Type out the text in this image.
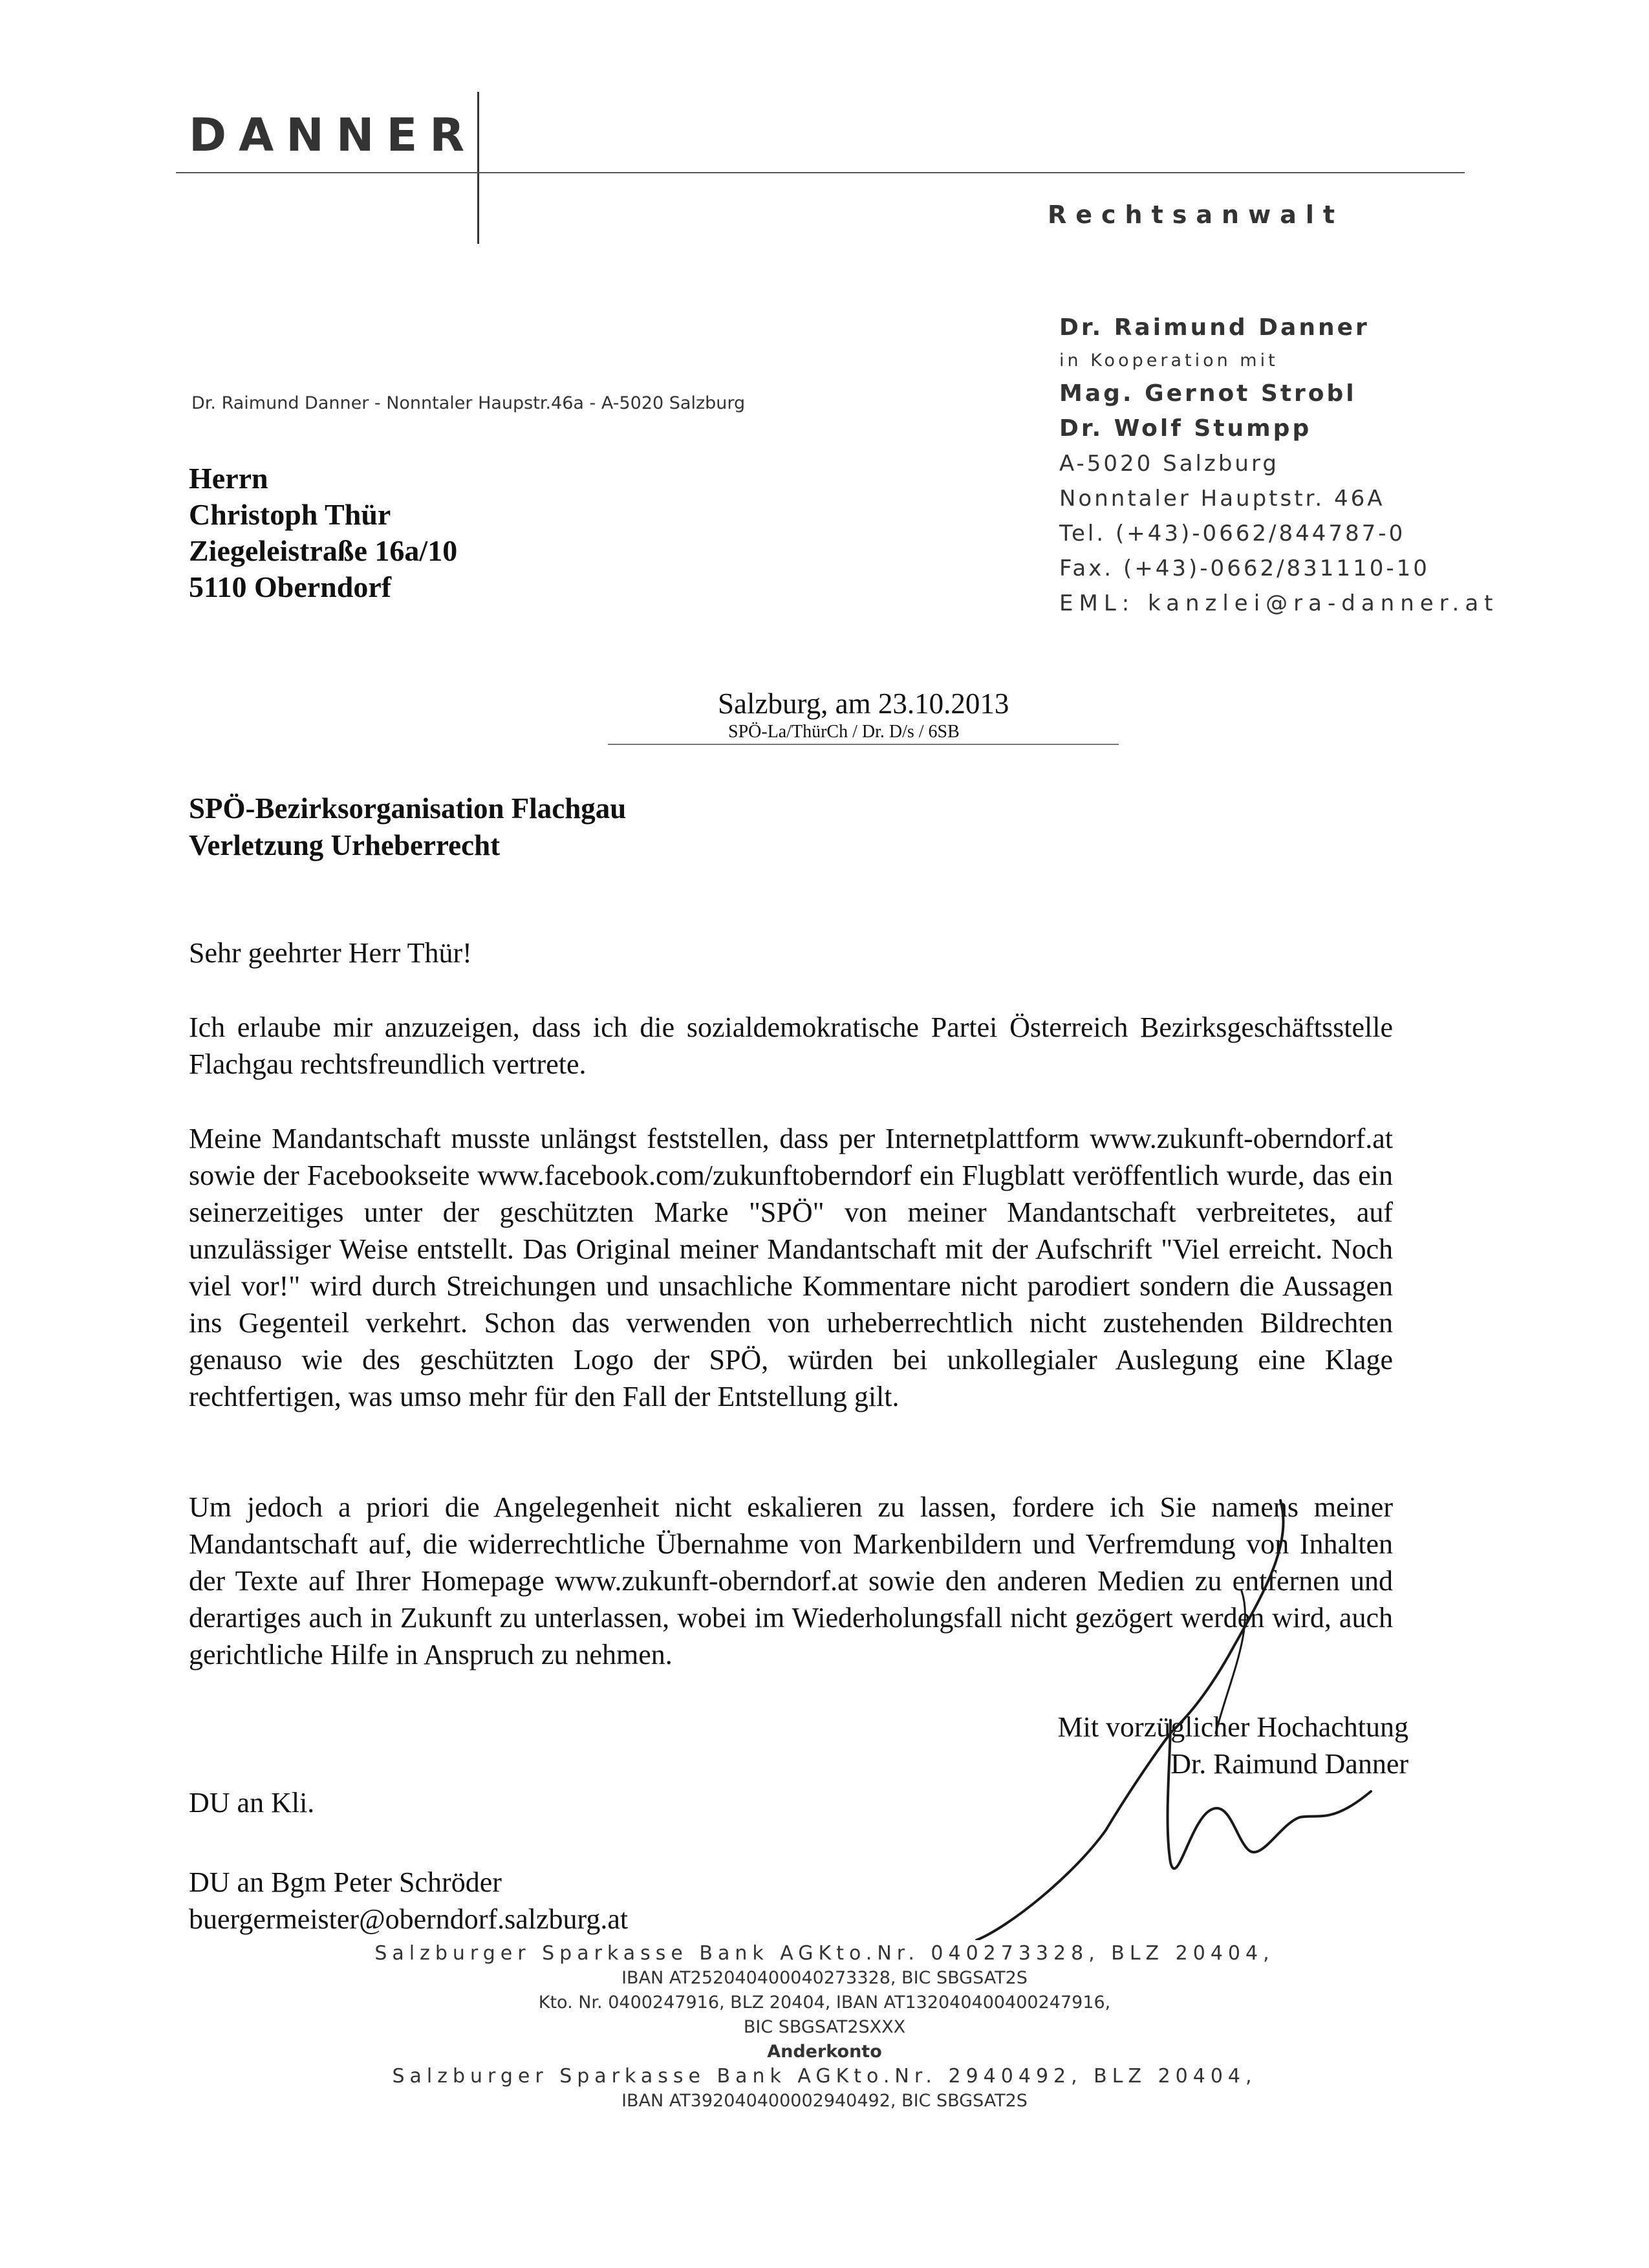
DANNER
Rechtsanwalt
Dr. Raimund Danner
in Kooperation mit
Mag. Gernot Strobl
Dr. Wolf Stumpp
A-5020 Salzburg
Nonntaler Hauptstr. 46A
Tel. (+43)-0662/844787-0
Fax. (+43)-0662/831110-10
EML: kanzlei@ra-danner.at
Dr. Raimund Danner - Nonntaler Haupstr.46a - A-5020 Salzburg
Herrn
Christoph Thür
Ziegeleistraße 16a/10
5110 Oberndorf
Salzburg, am 23.10.2013
SPÖ-La/ThürCh / Dr. D/s / 6SB
SPÖ-Bezirksorganisation Flachgau
Verletzung Urheberrecht
Sehr geehrter Herr Thür!
Ich erlaube mir anzuzeigen, dass ich die sozialdemokratische Partei Österreich Bezirksgeschäftsstelle Flachgau rechtsfreundlich vertrete.
Meine Mandantschaft musste unlängst feststellen, dass per Internetplattform www.zukunft-oberndorf.at sowie der Facebookseite www.facebook.com/zukunftoberndorf ein Flugblatt veröffentlich wurde, das ein seinerzeitiges unter der geschützten Marke "SPÖ" von meiner Mandantschaft verbreitetes, auf unzulässiger Weise entstellt. Das Original meiner Mandantschaft mit der Aufschrift "Viel erreicht. Noch viel vor!" wird durch Streichungen und unsachliche Kommentare nicht parodiert sondern die Aussagen ins Gegenteil verkehrt. Schon das verwenden von urheberrechtlich nicht zustehenden Bildrechten genauso wie des geschützten Logo der SPÖ, würden bei unkollegialer Auslegung eine Klage rechtfertigen, was umso mehr für den Fall der Entstellung gilt.
Um jedoch a priori die Angelegenheit nicht eskalieren zu lassen, fordere ich Sie namens meiner Mandantschaft auf, die widerrechtliche Übernahme von Markenbildern und Verfremdung von Inhalten der Texte auf Ihrer Homepage www.zukunft-oberndorf.at sowie den anderen Medien zu entfernen und derartiges auch in Zukunft zu unterlassen, wobei im Wiederholungsfall nicht gezögert werden wird, auch gerichtliche Hilfe in Anspruch zu nehmen.
Mit vorzüglicher Hochachtung
Dr. Raimund Danner
DU an Kli.
DU an Bgm Peter Schröder
buergermeister@oberndorf.salzburg.at
Salzburger Sparkasse Bank AGKto.Nr. 040273328, BLZ 20404,
IBAN AT252040400040273328, BIC SBGSAT2S
Kto. Nr. 0400247916, BLZ 20404, IBAN AT132040400400247916,
BIC SBGSAT2SXXX
Anderkonto
Salzburger Sparkasse Bank AGKto.Nr. 2940492, BLZ 20404,
IBAN AT392040400002940492, BIC SBGSAT2S
